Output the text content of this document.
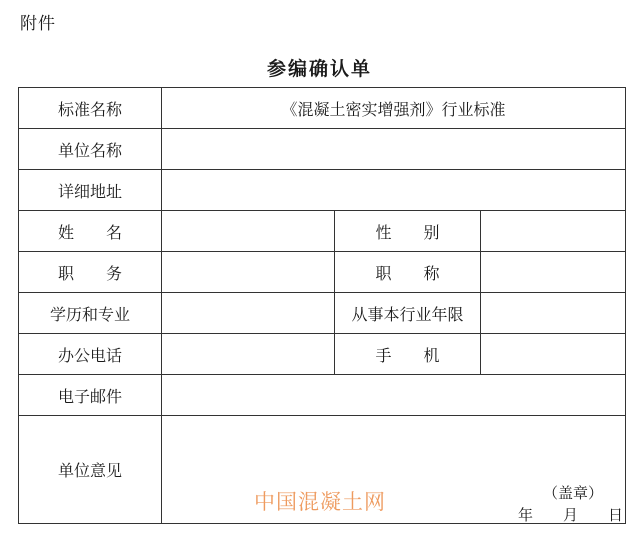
附件
参编确认单
标准名称	《混凝土密实增强剂》行业标准		
单位名称			
详细地址			
姓　　名		性　　别	
职　　务		职　　称	
学历和专业		从事本行业年限	
办公电话		手　　机	
电子邮件			
单位意见	中国混凝土网 （盖章）
年　　月　　日		
